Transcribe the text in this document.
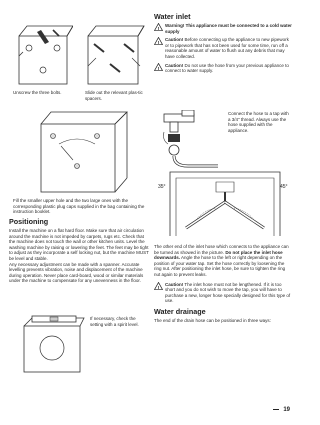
Unscrew the three bolts.	Slide out the relevant plas-tic spacers.
Fill the smaller upper hole and the two large ones with the corresponding plastic plug caps supplied in the bag containing the instruction booklet.
Positioning

Install the machine on a flat hard floor. Make sure that air circulation around the machine is not impeded by carpets, rugs etc. Check that the machine does not touch the wall or other kitchen units. Level the washing machine by raising or lowering the feet. The feet may be tight to adjust as they incorporate a self locking nut, but the machine MUST be level and stable.

Any necessary adjustment can be made with a spanner. Accurate levelling prevents vibration, noise and displacement of the machine during operation. Never place card-board, wood or similar materials under the machine to compensate for any unevenness in the floor.

If necessary, check the setting with a spirit level.
Water inlet
!

Warning! This appliance must be connected to a cold water supply

!

Caution! Before connecting up the appliance to new pipework or to pipework that has not been used for some time, run off a reasonable amount of water to flush out any debris that may have collected.

!

Caution! Do not use the hose from your previous appliance to connect to water supply.

Connect the hose to a tap with a 3/4" thread. Always use the hose supplied with the appliance.
35°	45°

The other end of the inlet hose which connects to the appliance can be turned as showed in the picture. Do not place the inlet hose downwards. Angle the hose to the left or right depending on the position of your water tap. Set the hose correctly by loosening the ring nut. After positioning the inlet hose, be sure to tighten the ring nut again to prevent leaks.

!

Caution! The inlet hose must not be lengthened. If it is too short and you do not wish to move the tap, you will have to purchase a new, longer hose specially designed for this type of use.

Water drainage

The end of the drain hose can be positioned in three ways:

19
